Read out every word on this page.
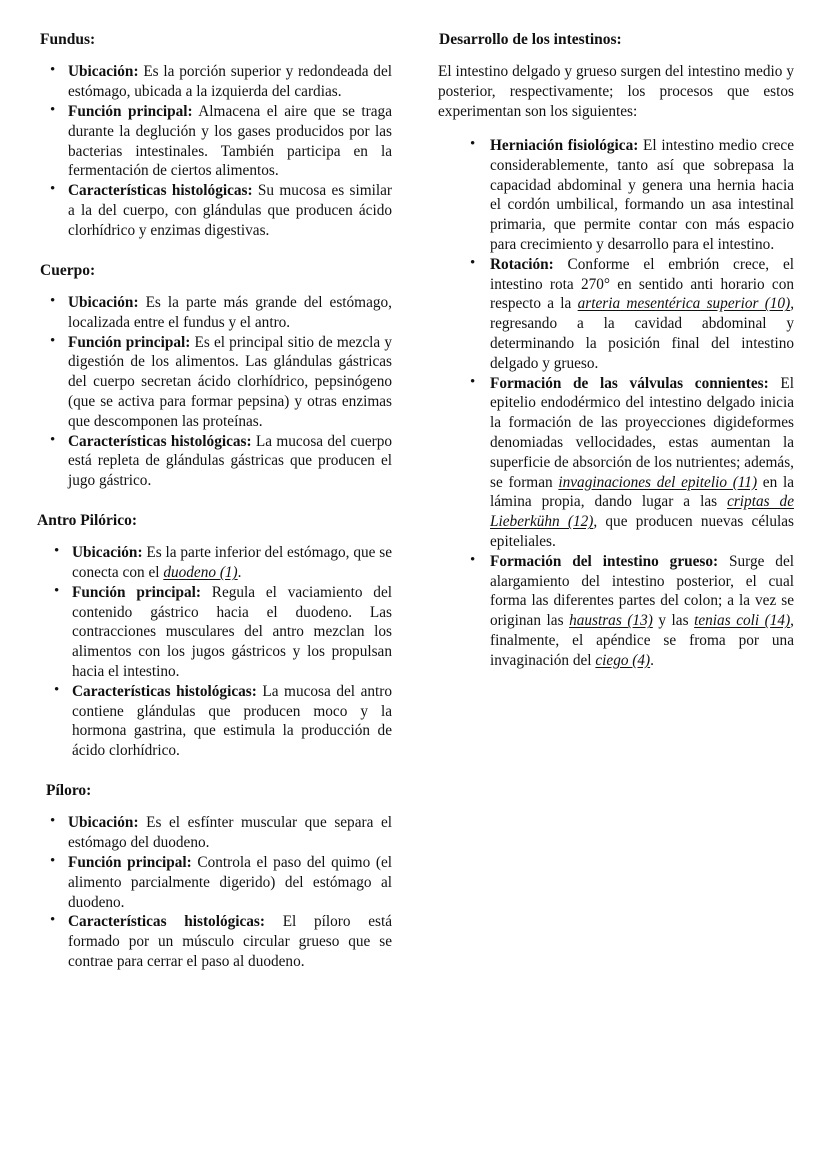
Fundus:
• Ubicación: Es la porción superior y redondeada del estómago, ubicada a la izquierda del cardias.
• Función principal: Almacena el aire que se traga durante la deglución y los gases producidos por las bacterias intestinales. También participa en la fermentación de ciertos alimentos.
• Características histológicas: Su mucosa es similar a la del cuerpo, con glándulas que producen ácido clorhídrico y enzimas digestivas.
Cuerpo:
• Ubicación: Es la parte más grande del estómago, localizada entre el fundus y el antro.
• Función principal: Es el principal sitio de mezcla y digestión de los alimentos. Las glándulas gástricas del cuerpo secretan ácido clorhídrico, pepsinógeno (que se activa para formar pepsina) y otras enzimas que descomponen las proteínas.
• Características histológicas: La mucosa del cuerpo está repleta de glándulas gástricas que producen el jugo gástrico.
Antro Pilórico:
• Ubicación: Es la parte inferior del estómago, que se conecta con el duodeno (1).
• Función principal: Regula el vaciamiento del contenido gástrico hacia el duodeno. Las contracciones musculares del antro mezclan los alimentos con los jugos gástricos y los propulsan hacia el intestino.
• Características histológicas: La mucosa del antro contiene glándulas que producen moco y la hormona gastrina, que estimula la producción de ácido clorhídrico.
Píloro:
• Ubicación: Es el esfínter muscular que separa el estómago del duodeno.
• Función principal: Controla el paso del quimo (el alimento parcialmente digerido) del estómago al duodeno.
• Características histológicas: El píloro está formado por un músculo circular grueso que se contrae para cerrar el paso al duodeno.
Desarrollo de los intestinos:

El intestino delgado y grueso surgen del intestino medio y posterior, respectivamente; los procesos que estos experimentan son los siguientes:

• Herniación fisiológica: El intestino medio crece considerablemente, tanto así que sobrepasa la capacidad abdominal y genera una hernia hacia el cordón umbilical, formando un asa intestinal primaria, que permite contar con más espacio para crecimiento y desarrollo para el intestino.
• Rotación: Conforme el embrión crece, el intestino rota 270° en sentido anti horario con respecto a la arteria mesentérica superior (10), regresando a la cavidad abdominal y determinando la posición final del intestino delgado y grueso.
• Formación de las válvulas connientes: El epitelio endodérmico del intestino delgado inicia la formación de las proyecciones digideformes denomiadas vellocidades, estas aumentan la superficie de absorción de los nutrientes; además, se forman invaginaciones del epitelio (11) en la lámina propia, dando lugar a las criptas de Lieberkühn (12), que producen nuevas células epiteliales.
• Formación del intestino grueso: Surge del alargamiento del intestino posterior, el cual forma las diferentes partes del colon; a la vez se originan las haustras (13) y las tenias coli (14), finalmente, el apéndice se froma por una invaginación del ciego (4).
